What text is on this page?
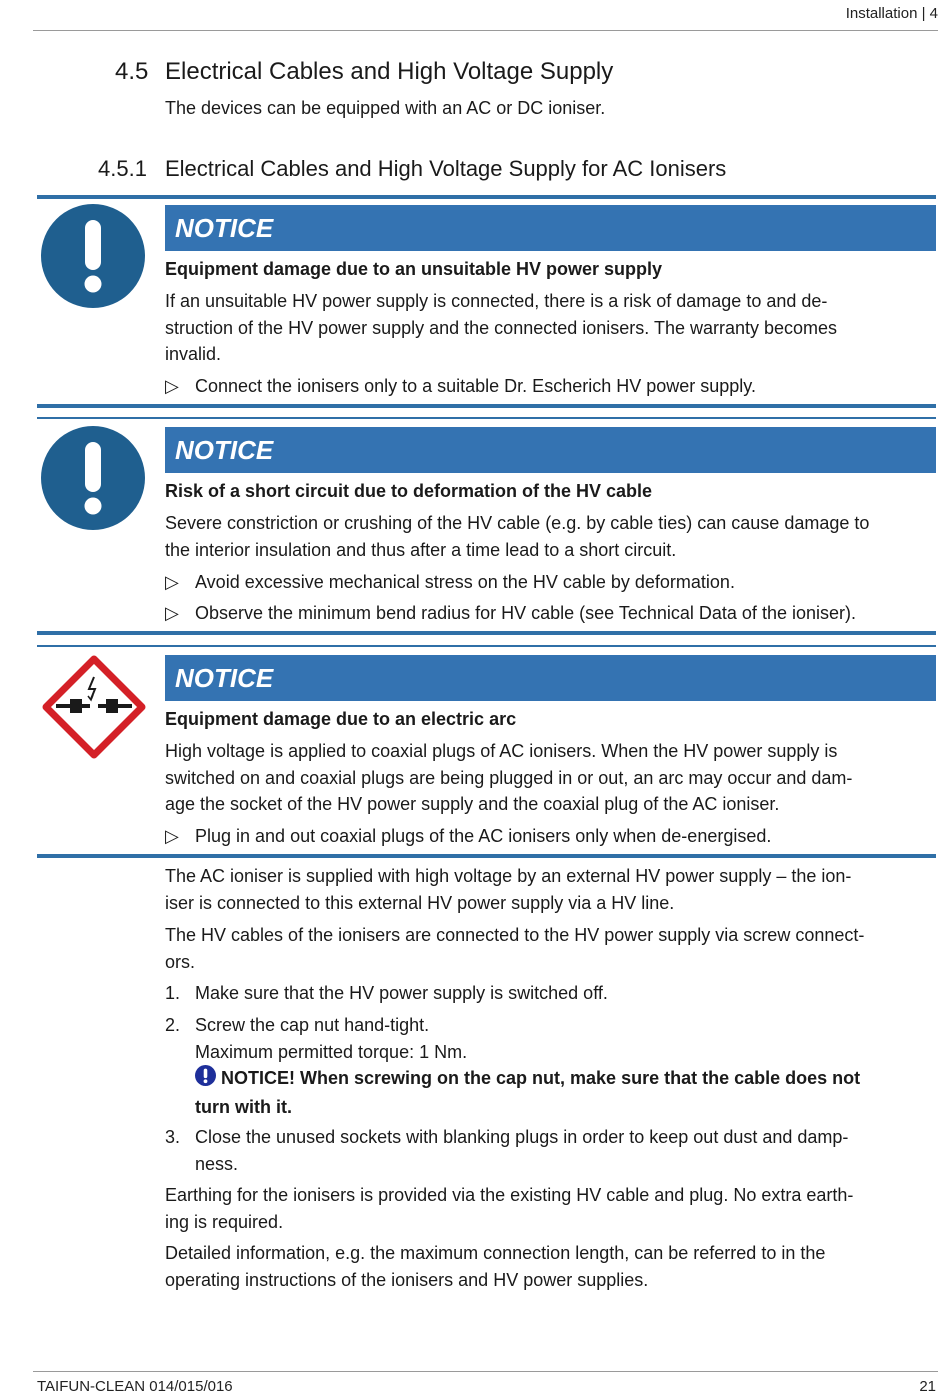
Installation | 4
4.5 Electrical Cables and High Voltage Supply
The devices can be equipped with an AC or DC ioniser.
4.5.1 Electrical Cables and High Voltage Supply for AC Ionisers
NOTICE
Equipment damage due to an unsuitable HV power supply
If an unsuitable HV power supply is connected, there is a risk of damage to and de-
struction of the HV power supply and the connected ionisers. The warranty becomes
invalid.
▷ Connect the ionisers only to a suitable Dr. Escherich HV power supply.
NOTICE
Risk of a short circuit due to deformation of the HV cable
Severe constriction or crushing of the HV cable (e.g. by cable ties) can cause damage to
the interior insulation and thus after a time lead to a short circuit.
▷ Avoid excessive mechanical stress on the HV cable by deformation.
▷ Observe the minimum bend radius for HV cable (see Technical Data of the ioniser).
NOTICE
Equipment damage due to an electric arc
High voltage is applied to coaxial plugs of AC ionisers. When the HV power supply is
switched on and coaxial plugs are being plugged in or out, an arc may occur and dam-
age the socket of the HV power supply and the coaxial plug of the AC ioniser.
▷ Plug in and out coaxial plugs of the AC ionisers only when de-energised.
The AC ioniser is supplied with high voltage by an external HV power supply – the ion-
iser is connected to this external HV power supply via a HV line.
The HV cables of the ionisers are connected to the HV power supply via screw connect-
ors.
1. Make sure that the HV power supply is switched off.
2. Screw the cap nut hand-tight.
Maximum permitted torque: 1 Nm.
NOTICE! When screwing on the cap nut, make sure that the cable does not
turn with it.
3. Close the unused sockets with blanking plugs in order to keep out dust and damp-
ness.
Earthing for the ionisers is provided via the existing HV cable and plug. No extra earth-
ing is required.
Detailed information, e.g. the maximum connection length, can be referred to in the
operating instructions of the ionisers and HV power supplies.
TAIFUN-CLEAN 014/015/016	21
